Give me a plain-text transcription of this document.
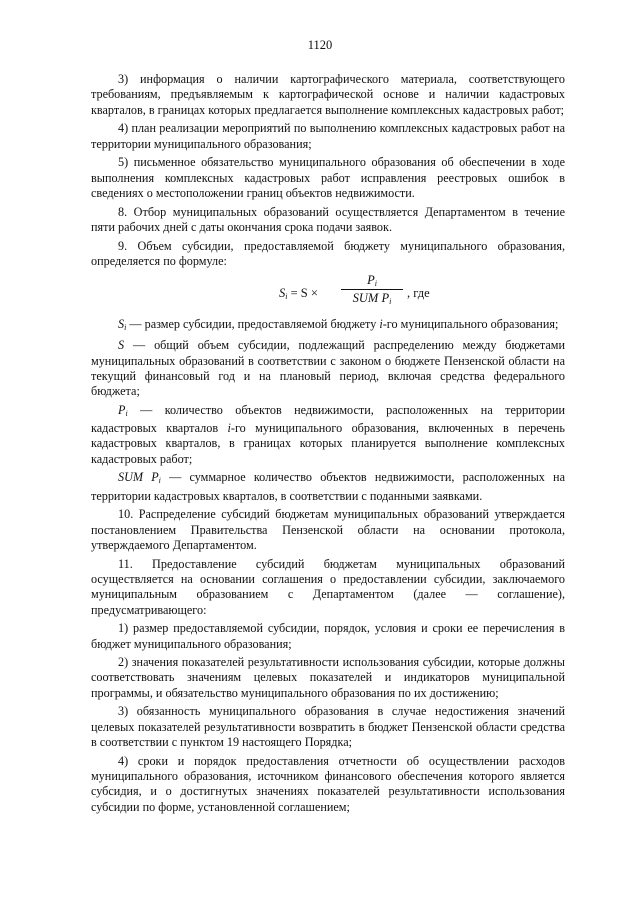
1120

3) информация о наличии картографического материала, соответствующего требованиям, предъявляемым к картографической основе и наличии кадастровых кварталов, в границах которых предлагается выполнение комплексных кадастровых работ;

4) план реализации мероприятий по выполнению комплексных кадастровых работ на территории муниципального образования;

5) письменное обязательство муниципального образования об обеспечении в ходе выполнения комплексных кадастровых работ исправления реестровых ошибок в сведениях о местоположении границ объектов недвижимости.

8. Отбор муниципальных образований осуществляется Департаментом в течение пяти рабочих дней с даты окончания срока подачи заявок.

9. Объем субсидии, предоставляемой бюджету муниципального образования, определяется по формуле:

$S_i = S$ ×
$P_i$
SUM $P_i$
, где

$S_i$ — размер субсидии, предоставляемой бюджету i-го муниципального образования;

S — общий объем субсидии, подлежащий распределению между бюджетами муниципальных образований в соответствии с законом о бюджете Пензенской области на текущий финансовый год и на плановый период, включая средства федерального бюджета;

$P_i$ — количество объектов недвижимости, расположенных на территории кадастровых кварталов i-го муниципального образования, включенных в перечень кадастровых кварталов, в границах которых планируется выполнение комплексных кадастровых работ;

SUM $P_i$ — суммарное количество объектов недвижимости, расположенных на территории кадастровых кварталов, в соответствии с поданными заявками.

10. Распределение субсидий бюджетам муниципальных образований утверждается постановлением Правительства Пензенской области на основании протокола, утверждаемого Департаментом.

11. Предоставление субсидий бюджетам муниципальных образований осуществляется на основании соглашения о предоставлении субсидии, заключаемого муниципальным образованием с Департаментом (далее — соглашение), предусматривающего:

1) размер предоставляемой субсидии, порядок, условия и сроки ее перечисления в бюджет муниципального образования;

2) значения показателей результативности использования субсидии, которые должны соответствовать значениям целевых показателей и индикаторов муниципальной программы, и обязательство муниципального образования по их достижению;

3) обязанность муниципального образования в случае недостижения значений целевых показателей результативности возвратить в бюджет Пензенской области средства в соответствии с пунктом 19 настоящего Порядка;

4) сроки и порядок предоставления отчетности об осуществлении расходов муниципального образования, источником финансового обеспечения которого является субсидия, и о достигнутых значениях показателей результативности использования субсидии по форме, установленной соглашением;
